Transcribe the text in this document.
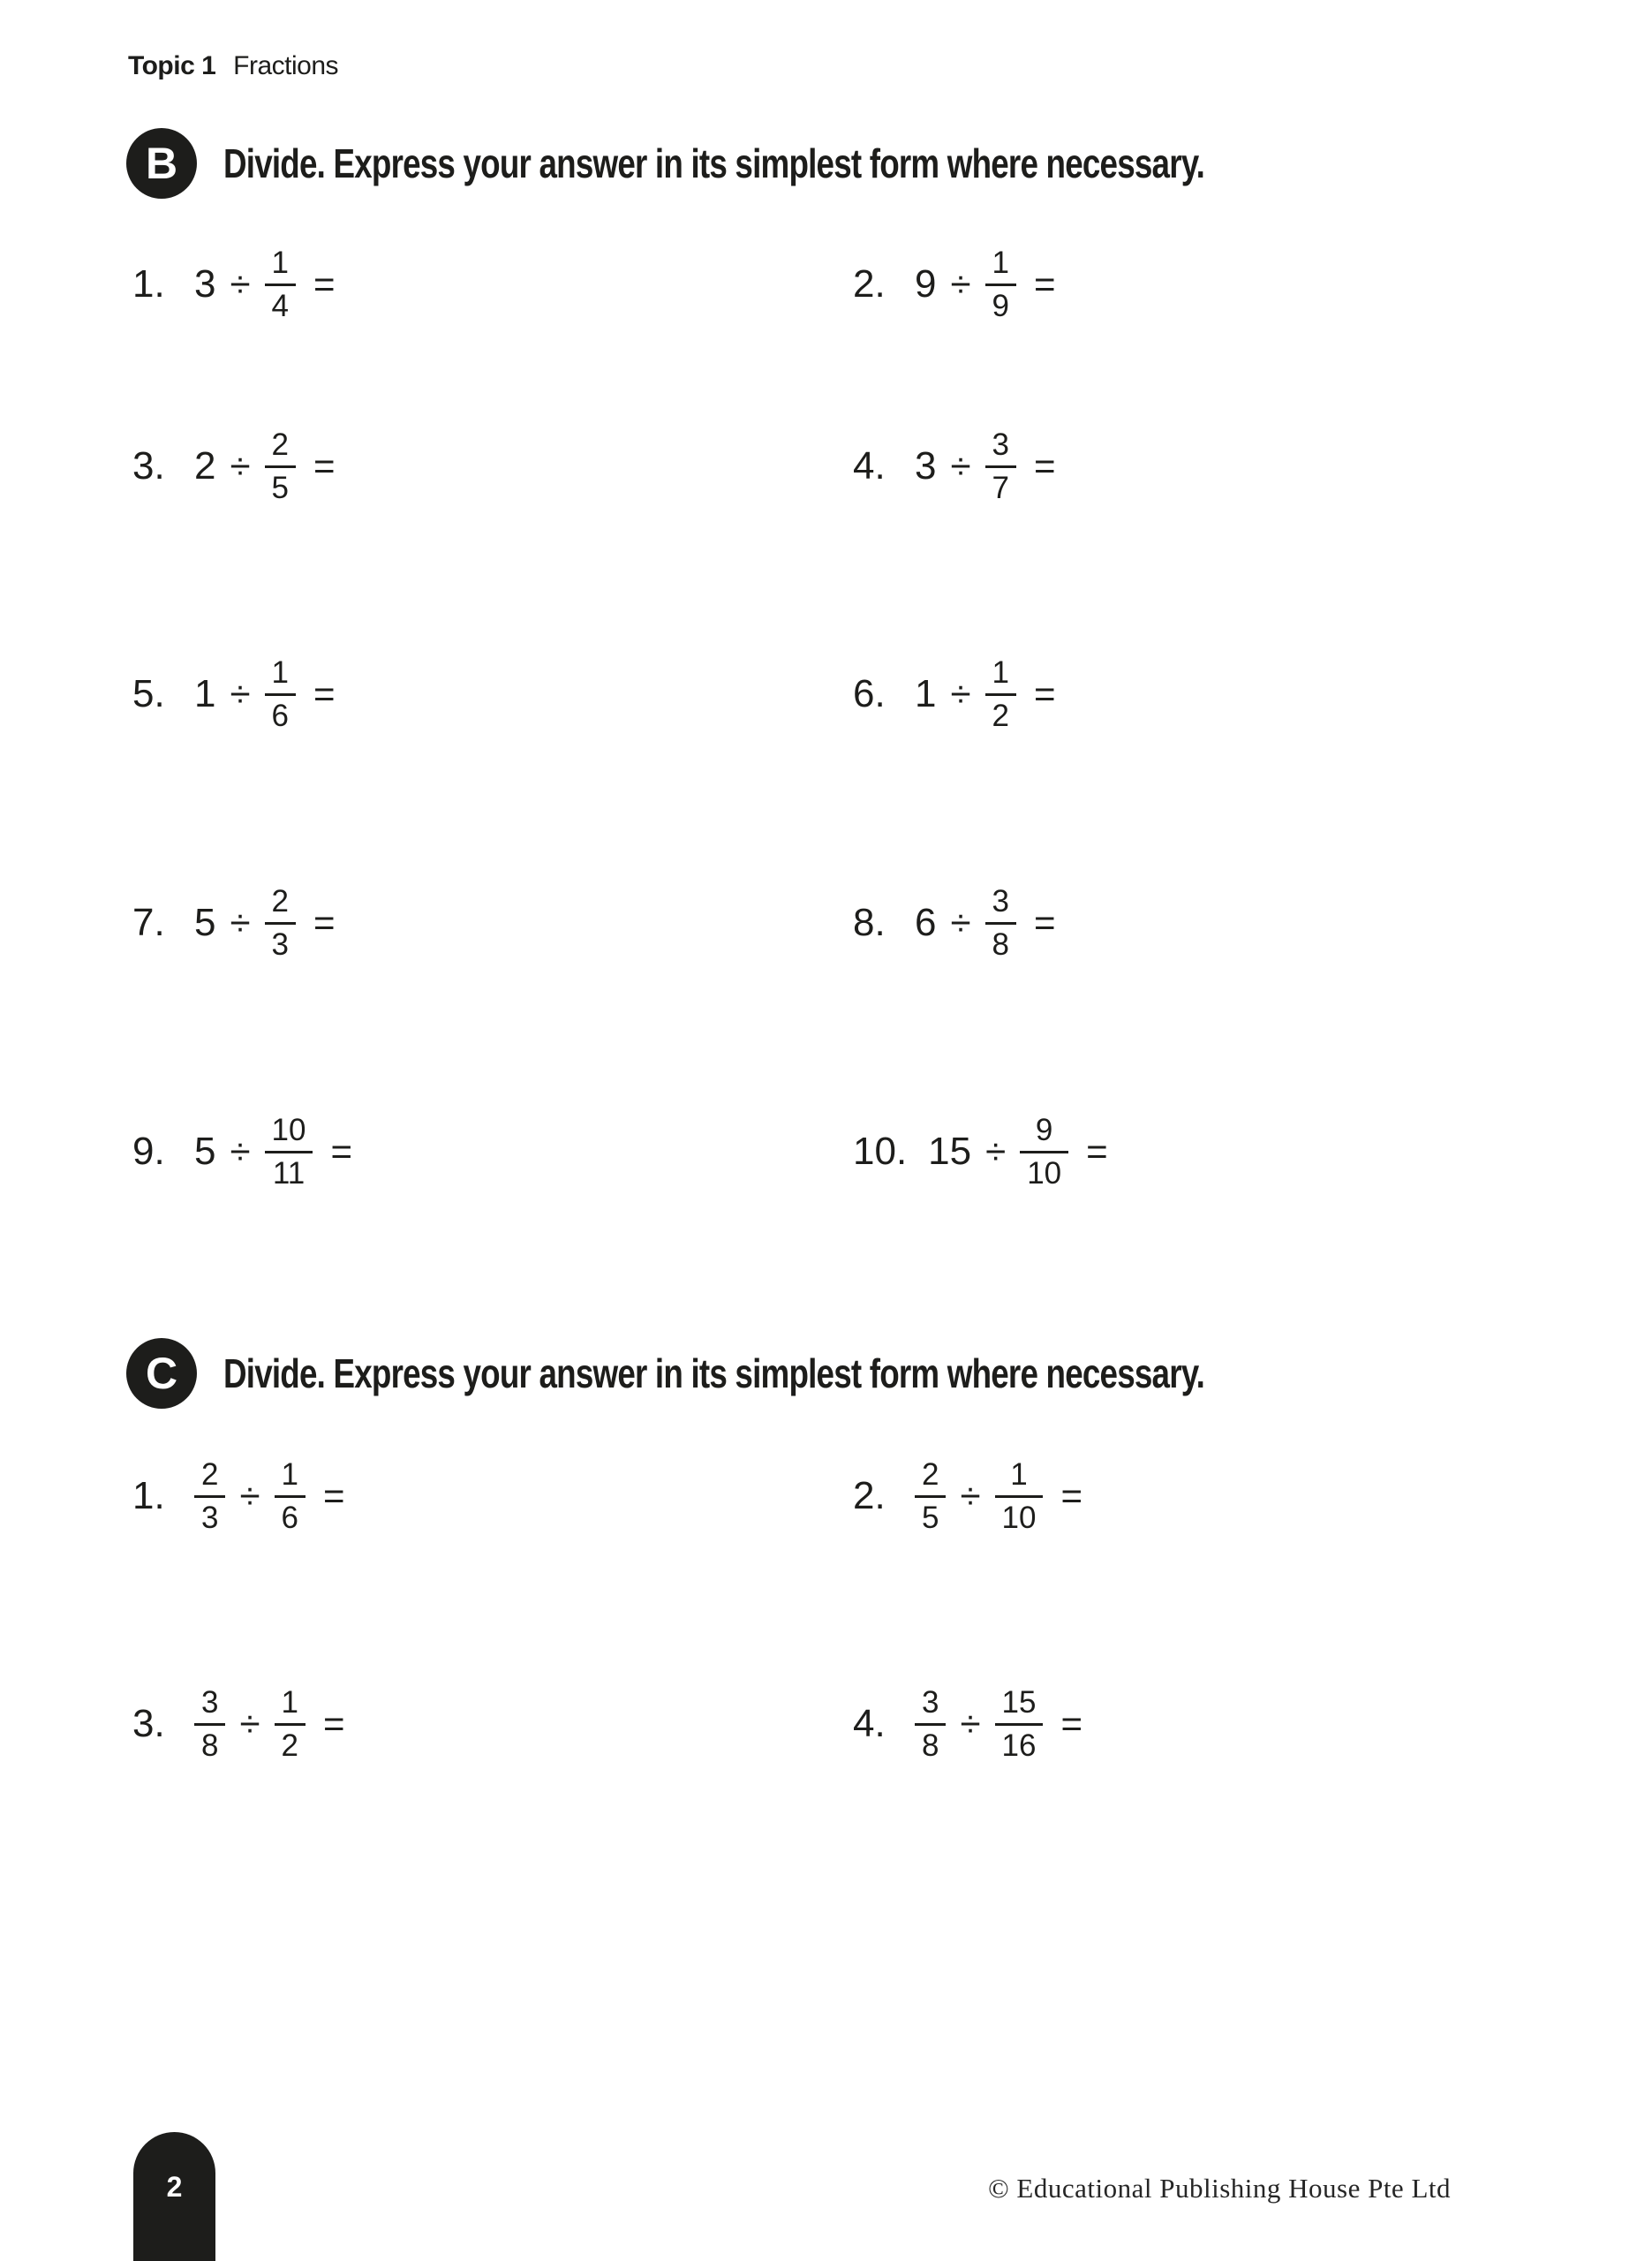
Topic 1 Fractions
B	Divide. Express your answer in its simplest form where necessary.
1. $3 \div \frac{1}{4}$ =	2. $9 \div \frac{1}{9}$ =
3. $2 \div \frac{2}{5}$ =	4. $3 \div \frac{3}{7}$ =
5. $1 \div \frac{1}{6}$ =	6. $1 \div \frac{1}{2}$ =
7. $5 \div \frac{2}{3}$ =	8. $6 \div \frac{3}{8}$ =
9. $5 \div \frac{10}{11}$ =	10. $15 \div \frac{9}{10}$ =
C	Divide. Express your answer in its simplest form where necessary.
1. $\frac{2}{3} \div \frac{1}{6}$ =	2. $\frac{2}{5} \div \frac{1}{10}$ =
3. $\frac{3}{8} \div \frac{1}{2}$ =	4. $\frac{3}{8} \div \frac{15}{16}$ =
2	© Educational Publishing House Pte Ltd
